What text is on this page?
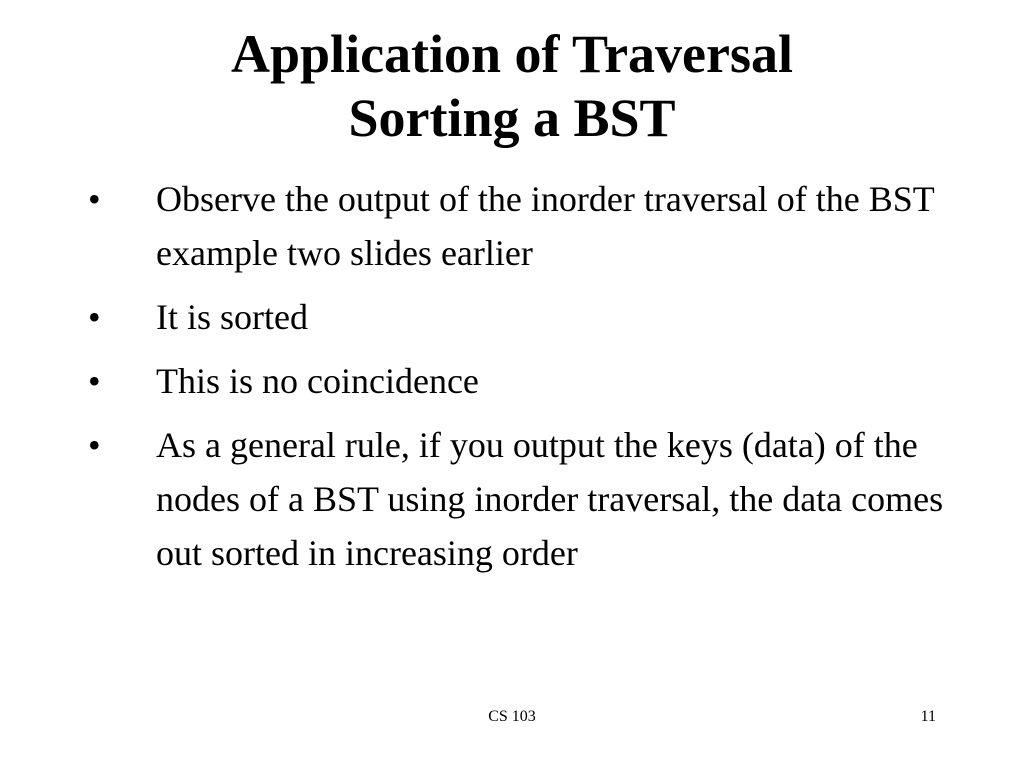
Application of Traversal
Sorting a BST
• Observe the output of the inorder traversal of the BST example two slides earlier
• It is sorted
• This is no coincidence
• As a general rule, if you output the keys (data) of the nodes of a BST using inorder traversal, the data comes out sorted in increasing order
CS 103	11
